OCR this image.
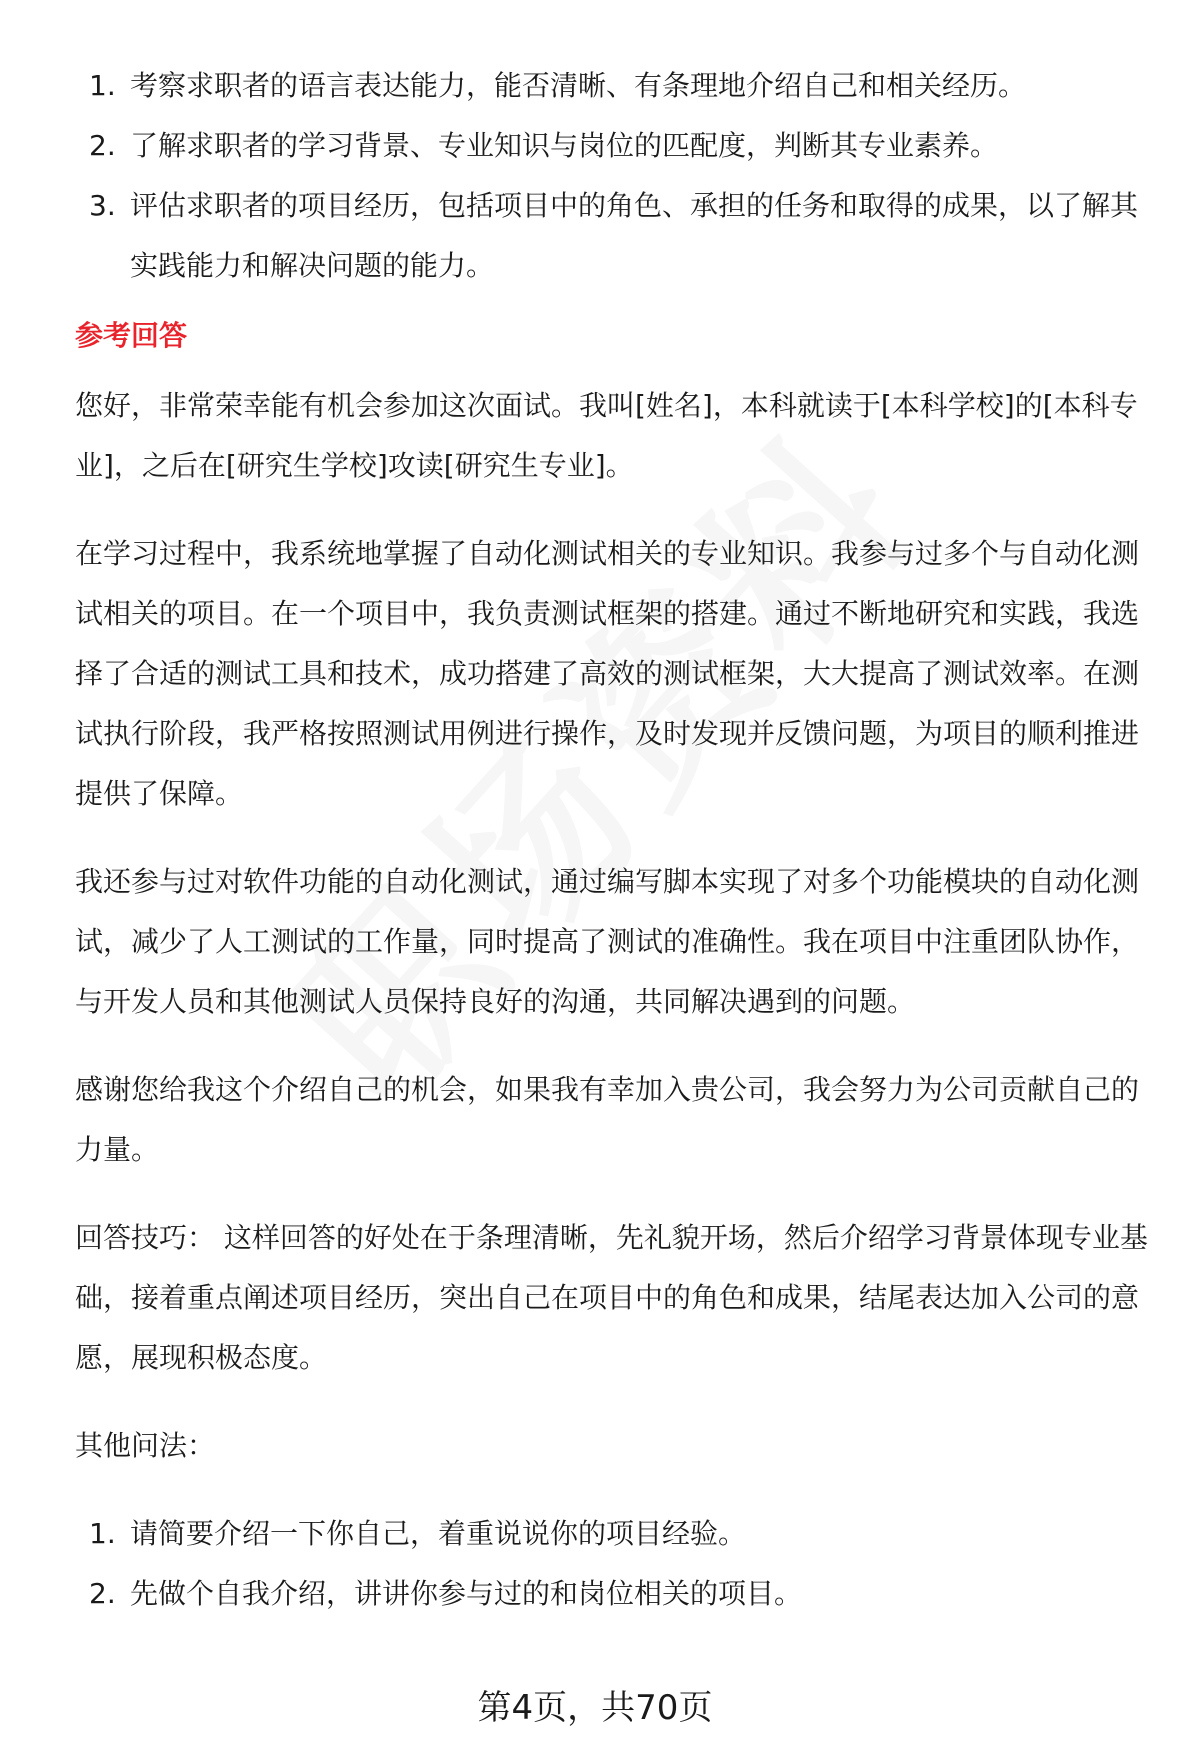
1. 考察求职者的语言表达能力，能否清晰、有条理地介绍自己和相关经历。
2. 了解求职者的学习背景、专业知识与岗位的匹配度，判断其专业素养。
3. 评估求职者的项目经历，包括项目中的角色、承担的任务和取得的成果，以了解其实践能力和解决问题的能力。
参考回答

您好，非常荣幸能有机会参加这次面试。我叫[姓名]，本科就读于[本科学校]的[本科专业]，之后在[研究生学校]攻读[研究生专业]。

在学习过程中，我系统地掌握了自动化测试相关的专业知识。我参与过多个与自动化测试相关的项目。在一个项目中，我负责测试框架的搭建。通过不断地研究和实践，我选择了合适的测试工具和技术，成功搭建了高效的测试框架，大大提高了测试效率。在测试执行阶段，我严格按照测试用例进行操作，及时发现并反馈问题，为项目的顺利推进提供了保障。

我还参与过对软件功能的自动化测试，通过编写脚本实现了对多个功能模块的自动化测试，减少了人工测试的工作量，同时提高了测试的准确性。我在项目中注重团队协作，与开发人员和其他测试人员保持良好的沟通，共同解决遇到的问题。

感谢您给我这个介绍自己的机会，如果我有幸加入贵公司，我会努力为公司贡献自己的力量。

回答技巧： 这样回答的好处在于条理清晰，先礼貌开场，然后介绍学习背景体现专业基础，接着重点阐述项目经历，突出自己在项目中的角色和成果，结尾表达加入公司的意愿，展现积极态度。

其他问法：

1. 请简要介绍一下你自己，着重说说你的项目经验。
2. 先做个自我介绍，讲讲你参与过的和岗位相关的项目。
第4页，共70页
